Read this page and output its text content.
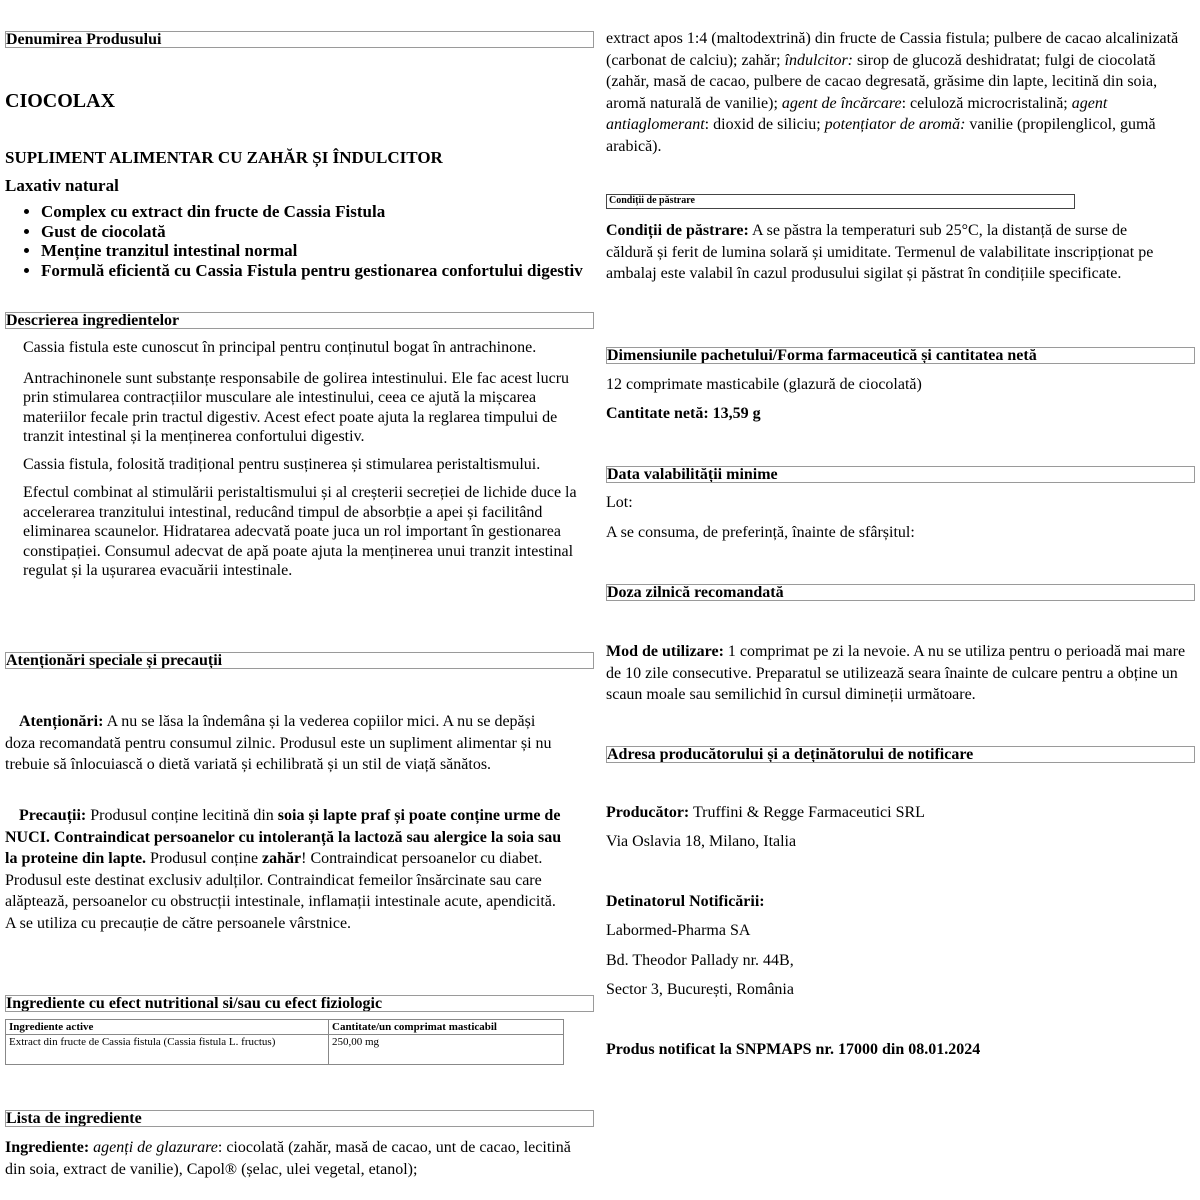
Denumirea Produsului
CIOCOLAX
SUPLIMENT ALIMENTAR CU ZAHĂR ȘI ÎNDULCITOR
Laxativ natural
• Complex cu extract din fructe de Cassia Fistula
• Gust de ciocolată
• Menține tranzitul intestinal normal
• Formulă eficientă cu Cassia Fistula pentru gestionarea confortului digestiv
Descrierea ingredientelor

Cassia fistula este cunoscut în principal pentru conținutul bogat în antrachinone.

Antrachinonele sunt substanțe responsabile de golirea intestinului. Ele fac acest lucru prin stimularea contracțiilor musculare ale intestinului, ceea ce ajută la mișcarea materiilor fecale prin tractul digestiv. Acest efect poate ajuta la reglarea timpului de tranzit intestinal și la menținerea confortului digestiv.

Cassia fistula, folosită tradițional pentru susținerea și stimularea peristaltismului.

Efectul combinat al stimulării peristaltismului și al creșterii secreției de lichide duce la accelerarea tranzitului intestinal, reducând timpul de absorbție a apei și facilitând eliminarea scaunelor. Hidratarea adecvată poate juca un rol important în gestionarea constipației. Consumul adecvat de apă poate ajuta la menținerea unui tranzit intestinal regulat și la ușurarea evacuării intestinale.

Atenționări speciale și precauții

Atenționări: A nu se lăsa la îndemâna și la vederea copiilor mici. A nu se depăși doza recomandată pentru consumul zilnic. Produsul este un supliment alimentar și nu trebuie să înlocuiască o dietă variată și echilibrată și un stil de viață sănătos.

Precauții: Produsul conține lecitină din soia și lapte praf și poate conține urme de NUCI. Contraindicat persoanelor cu intoleranță la lactoză sau alergice la soia sau la proteine din lapte. Produsul conține zahăr! Contraindicat persoanelor cu diabet. Produsul este destinat exclusiv adulților. Contraindicat femeilor însărcinate sau care alăptează, persoanelor cu obstrucții intestinale, inflamații intestinale acute, apendicită. A se utiliza cu precauție de către persoanele vârstnice.

Ingrediente cu efect nutritional si/sau cu efect fiziologic
Ingrediente active	Cantitate/un comprimat masticabil
Extract din fructe de Cassia fistula (Cassia fistula L. fructus)	250,00 mg
Lista de ingrediente

Ingrediente: agenți de glazurare: ciocolată (zahăr, masă de cacao, unt de cacao, lecitină din soia, extract de vanilie), Capol® (șelac, ulei vegetal, etanol);

extract apos 1:4 (maltodextrină) din fructe de Cassia fistula; pulbere de cacao alcalinizată (carbonat de calciu); zahăr; îndulcitor: sirop de glucoză deshidratat; fulgi de ciocolată (zahăr, masă de cacao, pulbere de cacao degresată, grăsime din lapte, lecitină din soia, aromă naturală de vanilie); agent de încărcare: celuloză microcristalină; agent antiaglomerant: dioxid de siliciu; potențiator de aromă: vanilie (propilenglicol, gumă arabică).

Condiții de păstrare

Condiții de păstrare: A se păstra la temperaturi sub 25°C, la distanță de surse de căldură și ferit de lumina solară și umiditate. Termenul de valabilitate inscripționat pe ambalaj este valabil în cazul produsului sigilat și păstrat în condițiile specificate.

Dimensiunile pachetului/Forma farmaceutică și cantitatea netă
12 comprimate masticabile (glazură de ciocolată)
Cantitate netă: 13,59 g
Data valabilității minime
Lot:
A se consuma, de preferință, înainte de sfârșitul:
Doza zilnică recomandată

Mod de utilizare: 1 comprimat pe zi la nevoie. A nu se utiliza pentru o perioadă mai mare de 10 zile consecutive. Preparatul se utilizează seara înainte de culcare pentru a obține un scaun moale sau semilichid în cursul dimineții următoare.

Adresa producătorului și a deținătorului de notificare
Producător: Truffini & Regge Farmaceutici SRL
Via Oslavia 18, Milano, Italia
Detinatorul Notificării:
Labormed-Pharma SA
Bd. Theodor Pallady nr. 44B,
Sector 3, București, România
Produs notificat la SNPMAPS nr. 17000 din 08.01.2024
